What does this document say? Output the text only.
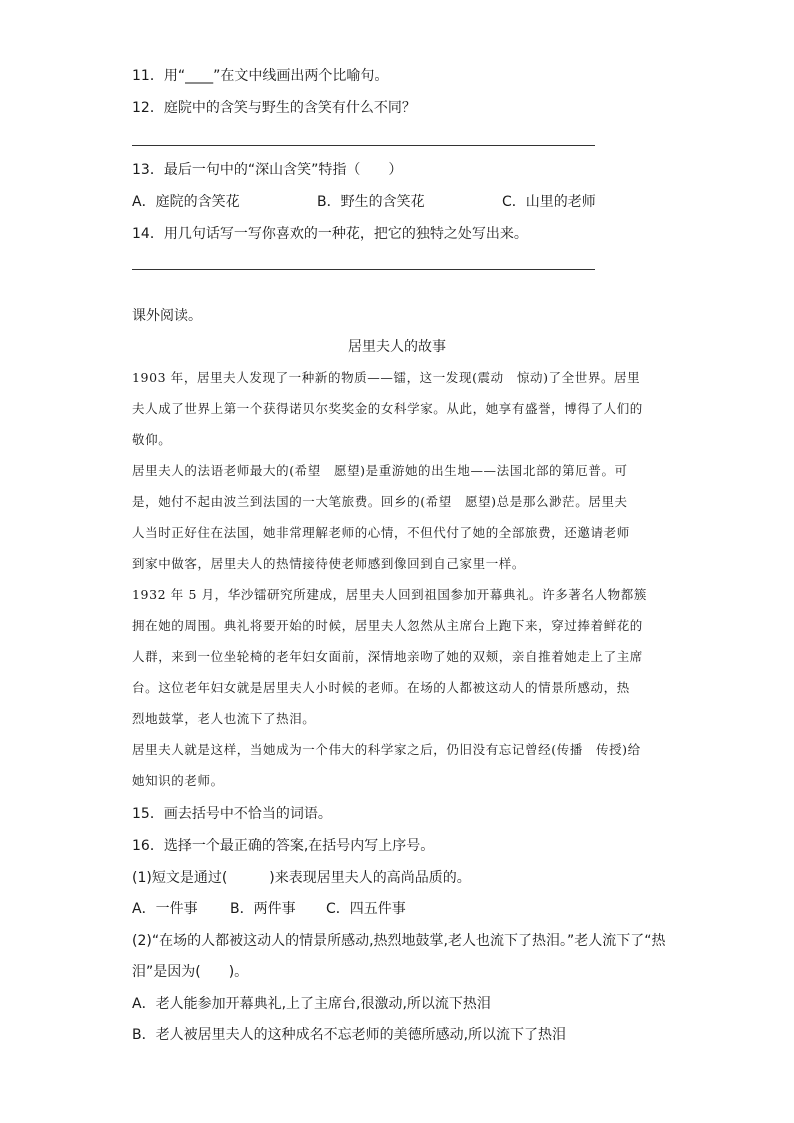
11．用“____”在文中线画出两个比喻句。
12．庭院中的含笑与野生的含笑有什么不同？
13．最后一句中的“深山含笑”特指（　　）
A．庭院的含笑花	B．野生的含笑花	C．山里的老师
14．用几句话写一写你喜欢的一种花，把它的独特之处写出来。
课外阅读。
居里夫人的故事
1903 年，居里夫人发现了一种新的物质——镭，这一发现(震动　惊动)了全世界。居里
夫人成了世界上第一个获得诺贝尔奖奖金的女科学家。从此，她享有盛誉，博得了人们的
敬仰。
居里夫人的法语老师最大的(希望　愿望)是重游她的出生地——法国北部的第厄普。可
是，她付不起由波兰到法国的一大笔旅费。回乡的(希望　愿望)总是那么渺茫。居里夫
人当时正好住在法国，她非常理解老师的心情，不但代付了她的全部旅费，还邀请老师
到家中做客，居里夫人的热情接待使老师感到像回到自己家里一样。
1932 年 5 月，华沙镭研究所建成，居里夫人回到祖国参加开幕典礼。许多著名人物都簇
拥在她的周围。典礼将要开始的时候，居里夫人忽然从主席台上跑下来，穿过捧着鲜花的
人群，来到一位坐轮椅的老年妇女面前，深情地亲吻了她的双颊，亲自推着她走上了主席
台。这位老年妇女就是居里夫人小时候的老师。在场的人都被这动人的情景所感动，热
烈地鼓掌，老人也流下了热泪。
居里夫人就是这样，当她成为一个伟大的科学家之后，仍旧没有忘记曾经(传播　传授)给
她知识的老师。
15．画去括号中不恰当的词语。
16．选择一个最正确的答案,在括号内写上序号。
(1)短文是通过(　　　)来表现居里夫人的高尚品质的。
A．一件事 B．两件事 C．四五件事
(2)“在场的人都被这动人的情景所感动,热烈地鼓掌,老人也流下了热泪。”老人流下了“热
泪”是因为(　　)。
A．老人能参加开幕典礼,上了主席台,很激动,所以流下热泪
B．老人被居里夫人的这种成名不忘老师的美德所感动,所以流下了热泪
